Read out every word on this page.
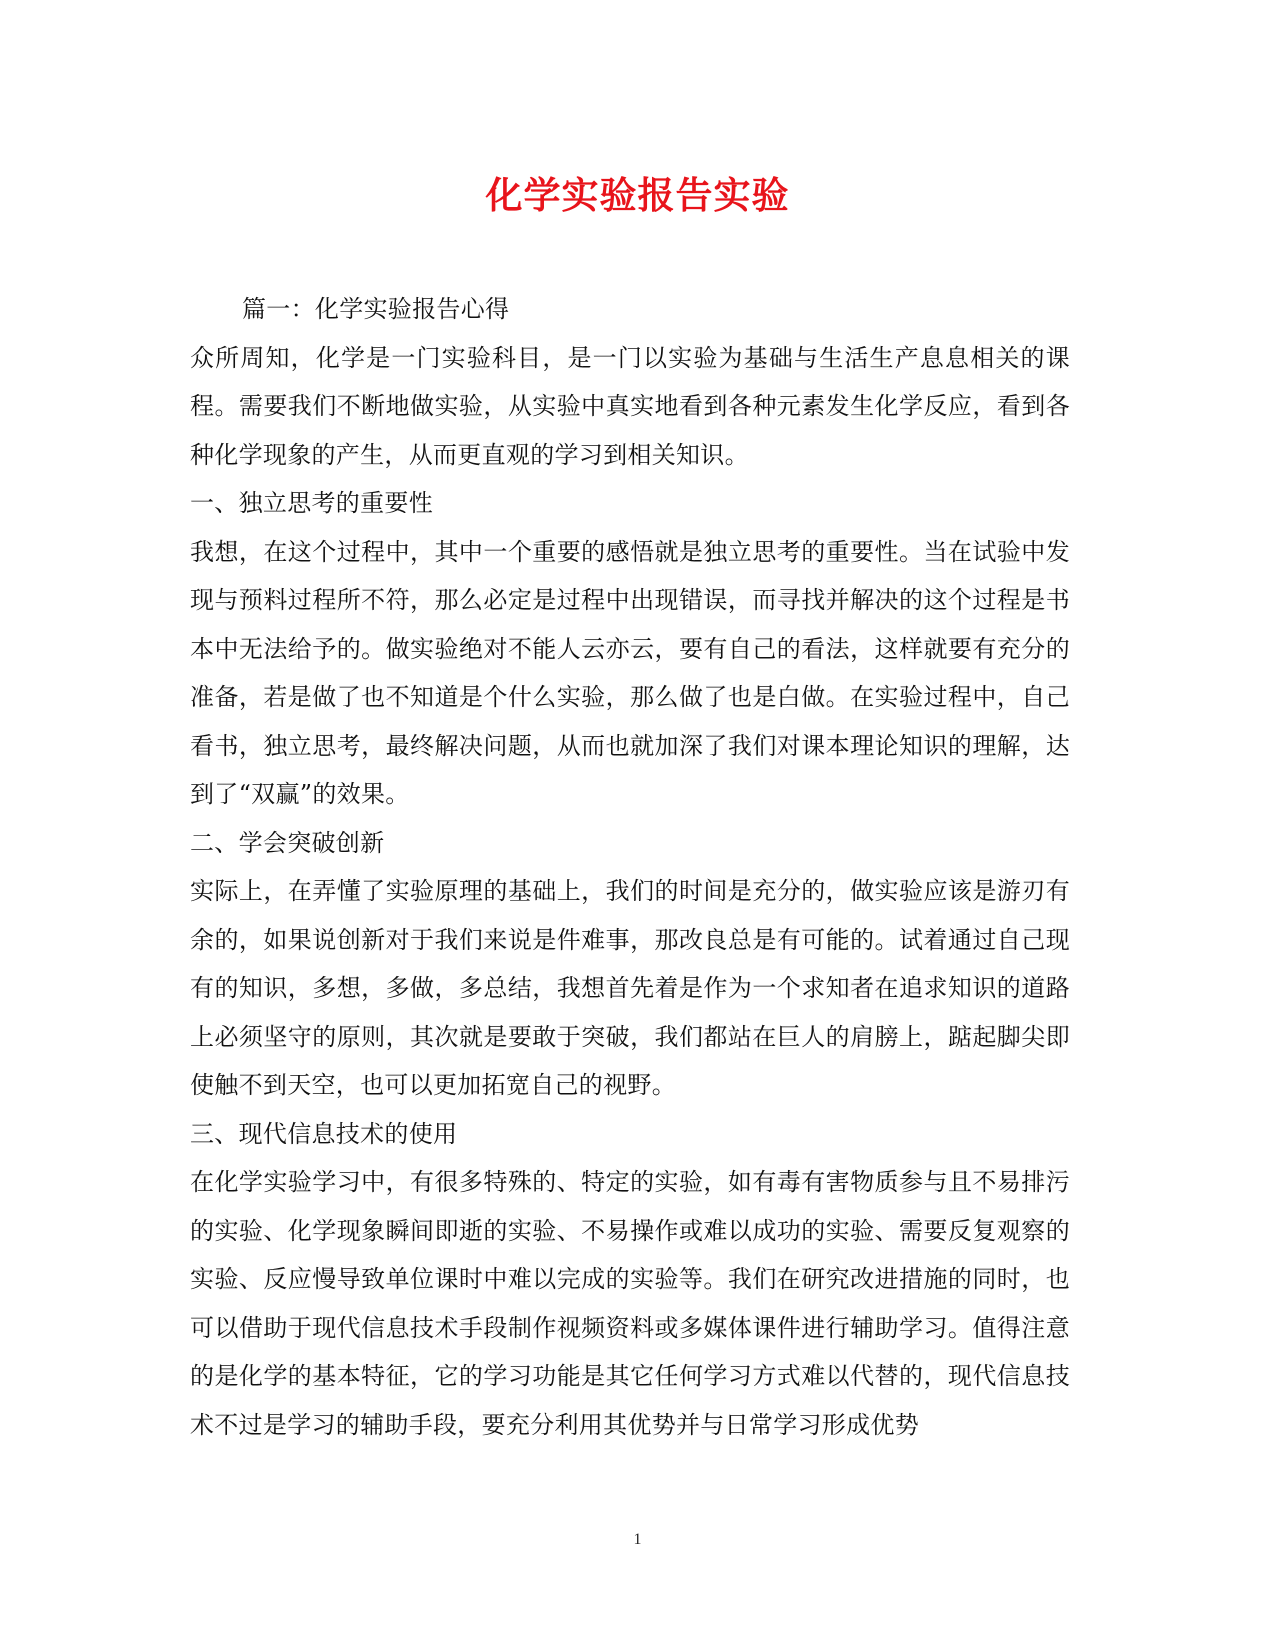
化学实验报告实验

篇一：化学实验报告心得

众所周知，化学是一门实验科目，是一门以实验为基础与生活生产息息相关的课程。需要我们不断地做实验，从实验中真实地看到各种元素发生化学反应，看到各种化学现象的产生，从而更直观的学习到相关知识。

一、独立思考的重要性

我想，在这个过程中，其中一个重要的感悟就是独立思考的重要性。当在试验中发现与预料过程所不符，那么必定是过程中出现错误，而寻找并解决的这个过程是书本中无法给予的。做实验绝对不能人云亦云，要有自己的看法，这样就要有充分的准备，若是做了也不知道是个什么实验，那么做了也是白做。在实验过程中，自己看书，独立思考，最终解决问题，从而也就加深了我们对课本理论知识的理解，达到了“双赢”的效果。

二、学会突破创新

实际上，在弄懂了实验原理的基础上，我们的时间是充分的，做实验应该是游刃有余的，如果说创新对于我们来说是件难事，那改良总是有可能的。试着通过自己现有的知识，多想，多做，多总结，我想首先着是作为一个求知者在追求知识的道路上必须坚守的原则，其次就是要敢于突破，我们都站在巨人的肩膀上，踮起脚尖即使触不到天空，也可以更加拓宽自己的视野。

三、现代信息技术的使用

在化学实验学习中，有很多特殊的、特定的实验，如有毒有害物质参与且不易排污的实验、化学现象瞬间即逝的实验、不易操作或难以成功的实验、需要反复观察的实验、反应慢导致单位课时中难以完成的实验等。我们在研究改进措施的同时，也可以借助于现代信息技术手段制作视频资料或多媒体课件进行辅助学习。值得注意的是化学的基本特征，它的学习功能是其它任何学习方式难以代替的，现代信息技术不过是学习的辅助手段，要充分利用其优势并与日常学习形成优势

1
